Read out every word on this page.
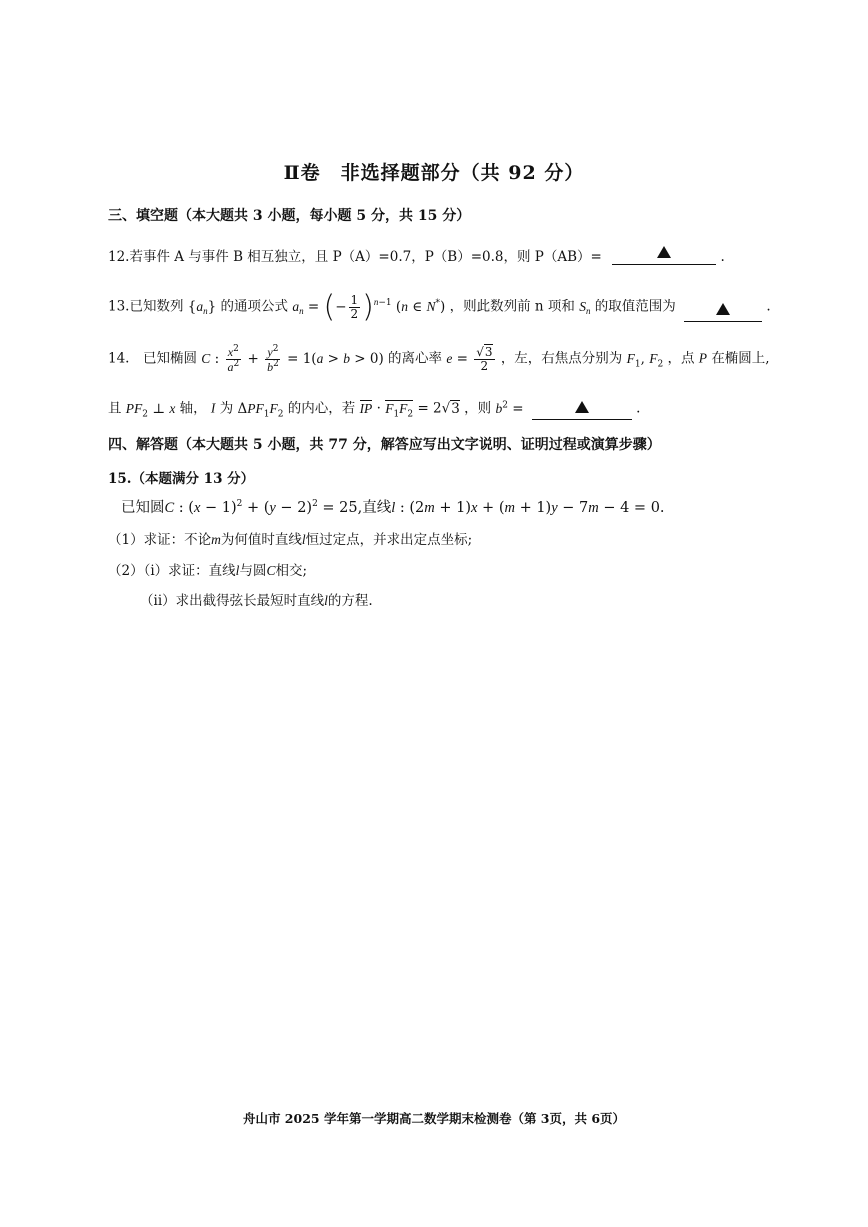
Ⅱ卷　非选择题部分（共 92 分）
三、填空题（本大题共 3 小题，每小题 5 分，共 15 分）
12.若事件 A 与事件 B 相互独立，且 P（A）=0.7，P（B）=0.8，则 P（AB）=	.
13.已知数列 $\{a_n\}$ 的通项公式 $a_n$ = (− $\frac{1}{2} )^{n-1}$ (n ∈ N*) ，则此数列前 n 项和 $S_n$ 的取值范围为	.
14.　已知椭圆 C : $\frac{x^2}{a^2} + \frac{y^2}{b^2} = 1(a > b > 0)$ 的离心率 $e = \frac{√3}{2}$ ，左，右焦点分别为 $F_1$, $F_2$ ，点 P 在椭圆上,
且 $PF_2$ ⊥ x 轴， I 为 $\Delta PF_1F_2$ 的内心，若 IP · $F_1F_2 = 2√3$ ，则 $b^2$ =	.
四、解答题（本大题共 5 小题，共 77 分，解答应写出文字说明、证明过程或演算步骤）
15.（本题满分 13 分）
已知圆C : $(x - 1)^2 + (y - 2)^2 = 25$,直线l : (2m + 1)x + (m + 1)y − 7m − 4 = 0.
（1）求证：不论m为何值时直线l恒过定点，并求出定点坐标;
（2）（i）求证：直线l与圆C相交;
（ii）求出截得弦长最短时直线l的方程.
舟山市 2025 学年第一学期高二数学期末检测卷（第 3页，共 6页）
